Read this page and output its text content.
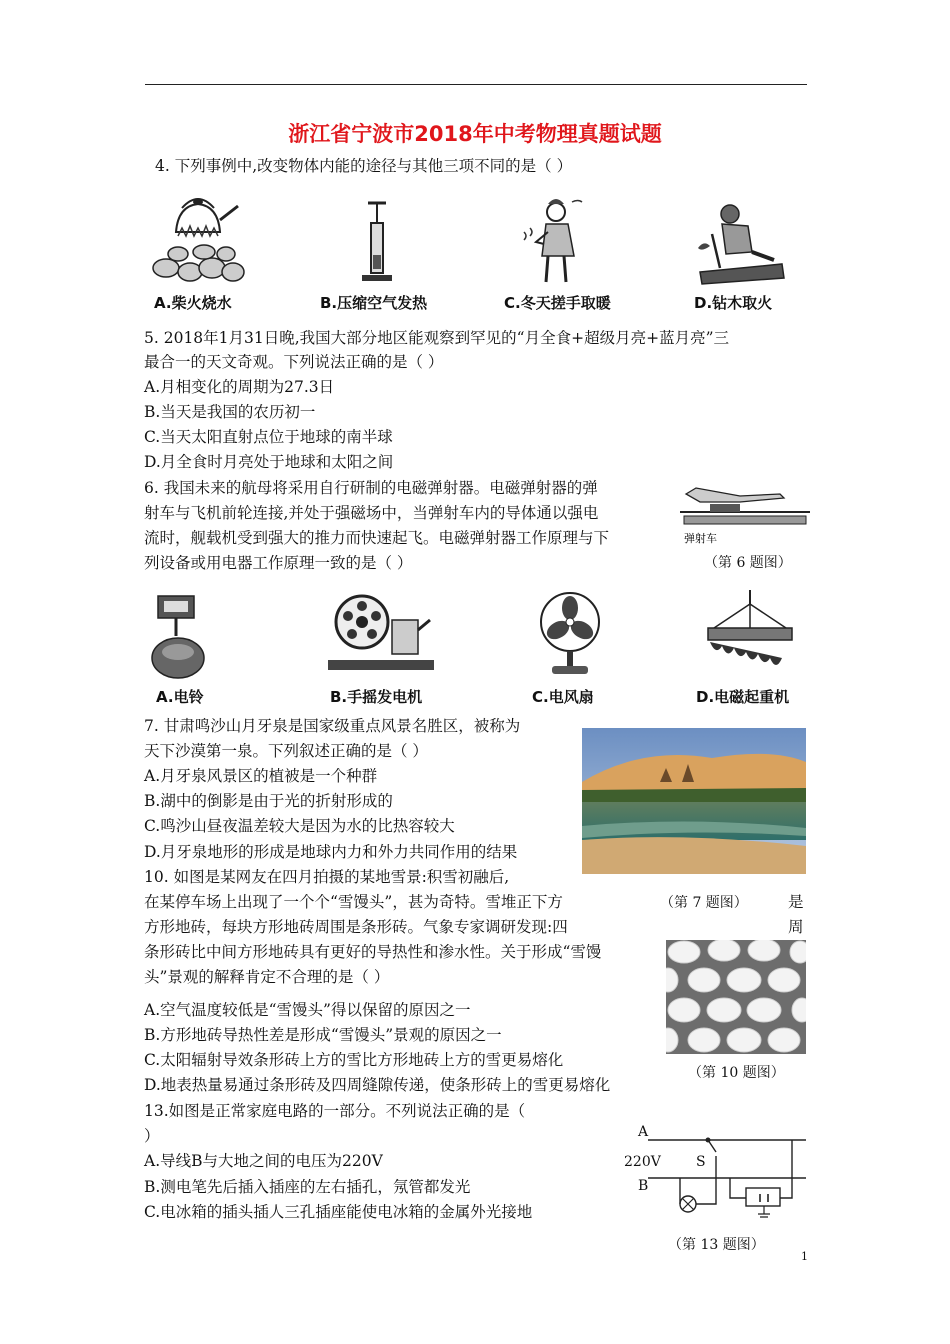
浙江省宁波市2018年中考物理真题试题
4. 下列事例中,改变物体内能的途径与其他三项不同的是（ ）
A.柴火烧水	B.压缩空气发热	C.冬天搓手取暖	D.钻木取火
5. 2018年1月31日晚,我国大部分地区能观察到罕见的“月全食+超级月亮+蓝月亮”三
最合一的天文奇观。下列说法正确的是（ ）
A.月相变化的周期为27.3日
B.当天是我国的农历初一
C.当天太阳直射点位于地球的南半球
D.月全食时月亮处于地球和太阳之间
6. 我国未来的航母将采用自行研制的电磁弹射器。电磁弹射器的弹
射车与飞机前轮连接,并处于强磁场中，当弹射车内的导体通以强电
流时，舰载机受到强大的推力而快速起飞。电磁弹射器工作原理与下
列设备或用电器工作原理一致的是（ ）
弹射车
（第 6 题图）
A.电铃	B.手摇发电机	C.电风扇	D.电磁起重机
7. 甘肃鸣沙山月牙泉是国家级重点风景名胜区，被称为
天下沙漠第一泉。下列叙述正确的是（ ）
A.月牙泉风景区的植被是一个种群
B.湖中的倒影是由于光的折射形成的
C.鸣沙山昼夜温差较大是因为水的比热容较大
D.月牙泉地形的形成是地球内力和外力共同作用的结果
（第 7 题图）
10. 如图是某网友在四月拍摄的某地雪景:积雪初融后,
在某停车场上出现了一个个“雪馒头”，甚为奇特。雪堆正下方	是
方形地砖，每块方形地砖周围是条形砖。气象专家调研发现:四	周
条形砖比中间方形地砖具有更好的导热性和渗水性。关于形成“雪馒
头”景观的解释肯定不合理的是（ ）
A.空气温度较低是“雪馒头”得以保留的原因之一
B.方形地砖导热性差是形成“雪馒头”景观的原因之一
C.太阳辐射导效条形砖上方的雪比方形地砖上方的雪更易熔化
D.地表热量易通过条形砖及四周缝隙传递，使条形砖上的雪更易熔化
（第 10 题图）
13.如图是正常家庭电路的一部分。不列说法正确的是（
）
A.导线B与大地之间的电压为220V
B.测电笔先后插入插座的左右插孔，氖管都发光
C.电冰箱的插头插人三孔插座能使电冰箱的金属外光接地
A
220V
B
S
（第 13 题图）
1
